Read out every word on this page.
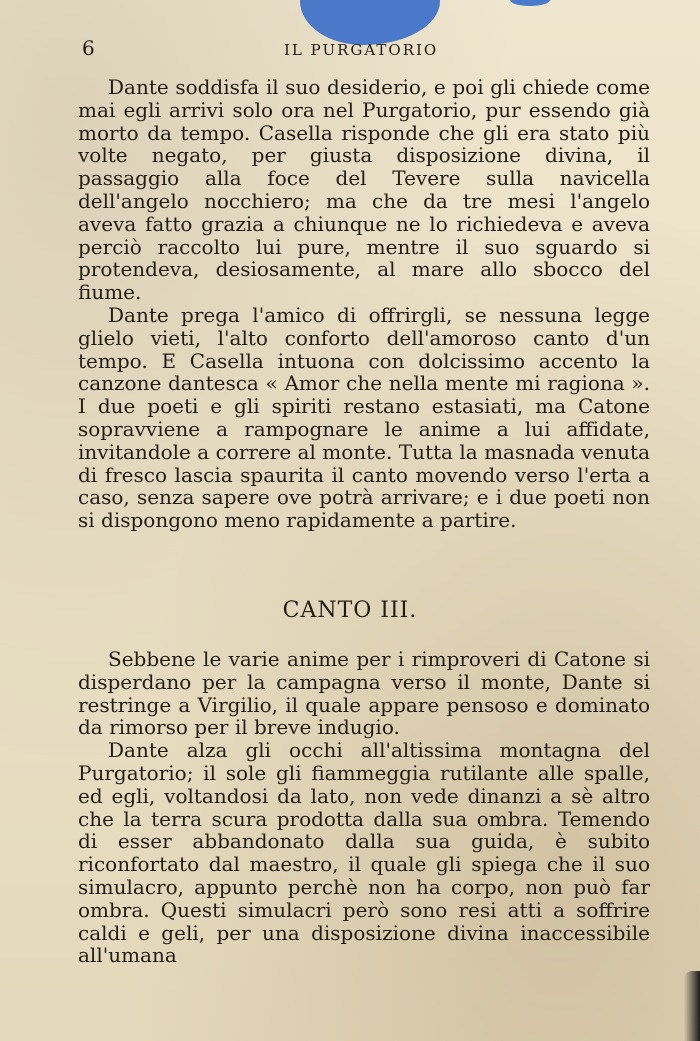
6	IL PURGATORIO

Dante soddisfa il suo desiderio, e poi gli chiede come mai egli arrivi solo ora nel Purgatorio, pur essendo già morto da tempo. Casella risponde che gli era stato più volte negato, per giusta disposizione divina, il passaggio alla foce del Tevere sulla navicella dell'angelo nocchiero; ma che da tre mesi l'angelo aveva fatto grazia a chiunque ne lo richiedeva e aveva perciò raccolto lui pure, mentre il suo sguardo si protendeva, desiosamente, al mare allo sbocco del fiume.

Dante prega l'amico di offrirgli, se nessuna legge glielo vieti, l'alto conforto dell'amoroso canto d'un tempo. E Casella intuona con dolcissimo accento la canzone dantesca « Amor che nella mente mi ragiona ». I due poeti e gli spiriti restano estasiati, ma Catone sopravviene a rampognare le anime a lui affidate, invitandole a correre al monte. Tutta la masnada venuta di fresco lascia spaurita il canto movendo verso l'erta a caso, senza sapere ove potrà arrivare; e i due poeti non si dispongono meno rapidamente a partire.

CANTO III.

Sebbene le varie anime per i rimproveri di Catone si disperdano per la campagna verso il monte, Dante si restringe a Virgilio, il quale appare pensoso e dominato da rimorso per il breve indugio.

Dante alza gli occhi all'altissima montagna del Purgatorio; il sole gli fiammeggia rutilante alle spalle, ed egli, voltandosi da lato, non vede dinanzi a sè altro che la terra scura prodotta dalla sua ombra. Temendo di esser abbandonato dalla sua guida, è subito riconfortato dal maestro, il quale gli spiega che il suo simulacro, appunto perchè non ha corpo, non può far ombra. Questi simulacri però sono resi atti a soffrire caldi e geli, per una disposizione divina inaccessibile all'umana
